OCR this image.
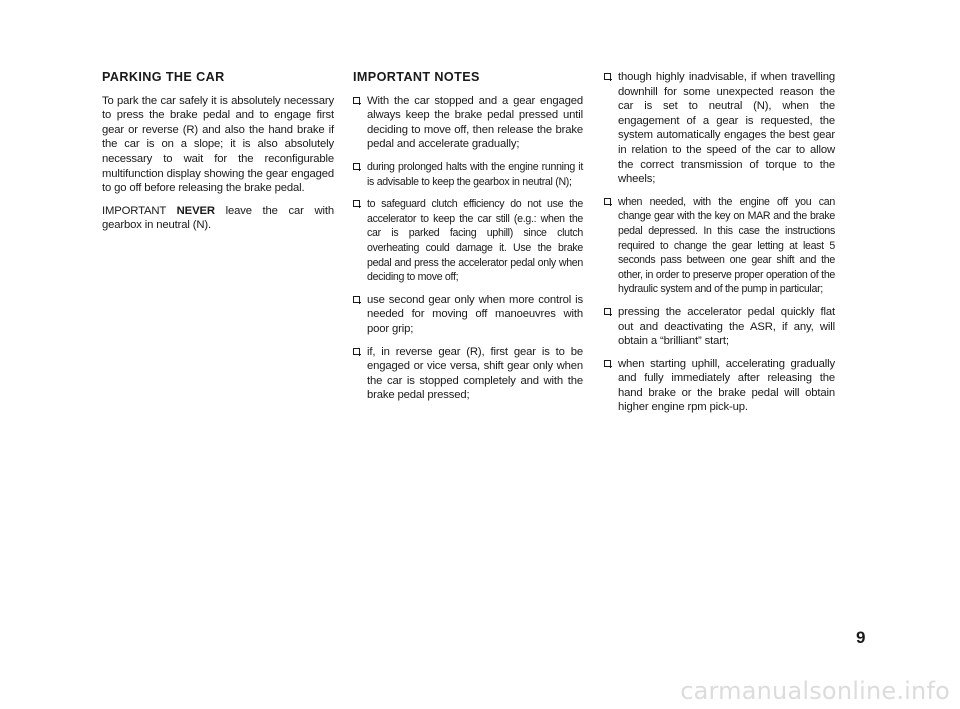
PARKING THE CAR
To park the car safely it is absolutely necessary to press the brake pedal and to engage first gear or reverse (R) and also the hand brake if the car is on a slope; it is also absolutely necessary to wait for the reconfigurable multifunction display showing the gear engaged to go off before releasing the brake pedal.
IMPORTANT NEVER leave the car with gearbox in neutral (N).
IMPORTANT NOTES
With the car stopped and a gear engaged always keep the brake pedal pressed until deciding to move off, then release the brake pedal and accelerate gradually;
during prolonged halts with the engine running it is advisable to keep the gearbox in neutral (N);
to safeguard clutch efficiency do not use the accelerator to keep the car still (e.g.: when the car is parked facing uphill) since clutch overheating could damage it. Use the brake pedal and press the accelerator pedal only when deciding to move off;
use second gear only when more control is needed for moving off manoeuvres with poor grip;
if, in reverse gear (R), first gear is to be engaged or vice versa, shift gear only when the car is stopped completely and with the brake pedal pressed;
though highly inadvisable, if when travelling downhill for some unexpected reason the car is set to neutral (N), when the engagement of a gear is requested, the system automatically engages the best gear in relation to the speed of the car to allow the correct transmission of torque to the wheels;
when needed, with the engine off you can change gear with the key on MAR and the brake pedal depressed. In this case the instructions required to change the gear letting at least 5 seconds pass between one gear shift and the other, in order to preserve proper operation of the hydraulic system and of the pump in particular;
pressing the accelerator pedal quickly flat out and deactivating the ASR, if any, will obtain a “brilliant” start;
when starting uphill, accelerating gradually and fully immediately after releasing the hand brake or the brake pedal will obtain higher engine rpm pick-up.
9
carmanualsonline.info
